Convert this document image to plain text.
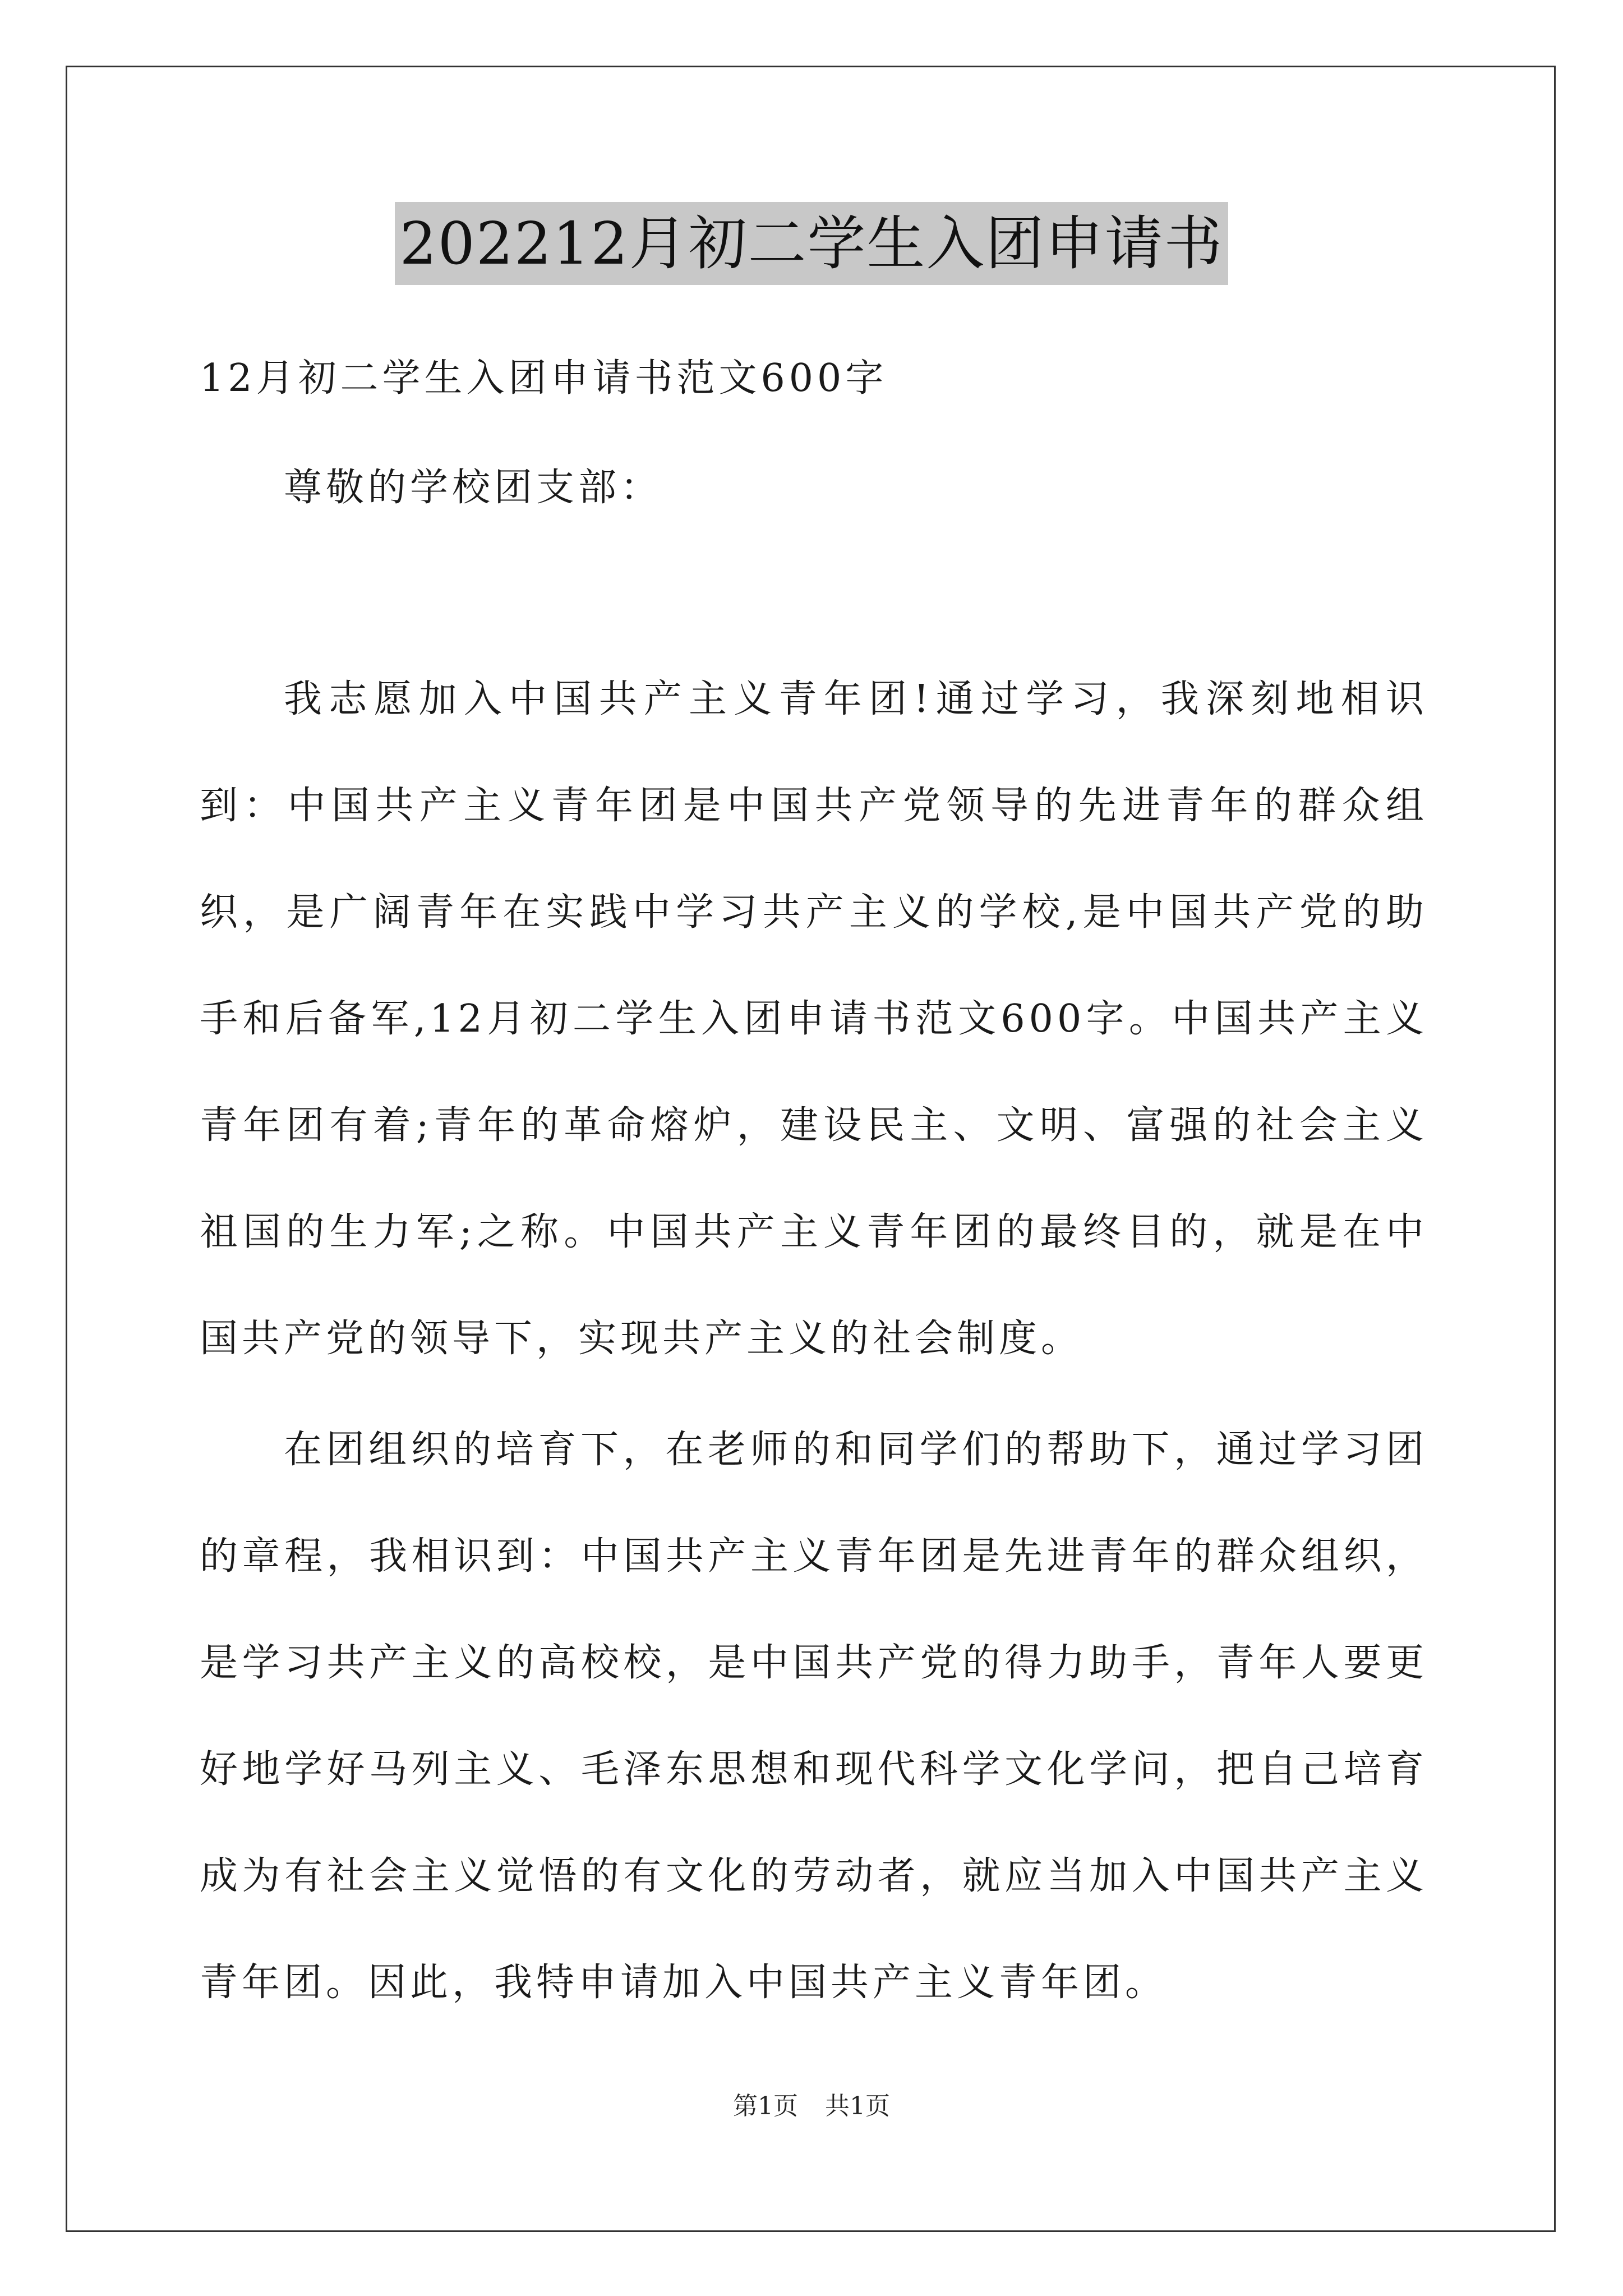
202212月初二学生入团申请书
12月初二学生入团申请书范文600字
尊敬的学校团支部：
我志愿加入中国共产主义青年团!通过学习，我深刻地相识到：中国共产主义青年团是中国共产党领导的先进青年的群众组织，是广阔青年在实践中学习共产主义的学校,是中国共产党的助手和后备军,12月初二学生入团申请书范文600字。中国共产主义青年团有着;青年的革命熔炉，建设民主、文明、富强的社会主义祖国的生力军;之称。中国共产主义青年团的最终目的，就是在中国共产党的领导下，实现共产主义的社会制度。
在团组织的培育下，在老师的和同学们的帮助下，通过学习团的章程，我相识到：中国共产主义青年团是先进青年的群众组织，是学习共产主义的高校校，是中国共产党的得力助手，青年人要更好地学好马列主义、毛泽东思想和现代科学文化学问，把自己培育成为有社会主义觉悟的有文化的劳动者，就应当加入中国共产主义青年团。因此，我特申请加入中国共产主义青年团。
第1页 共1页
